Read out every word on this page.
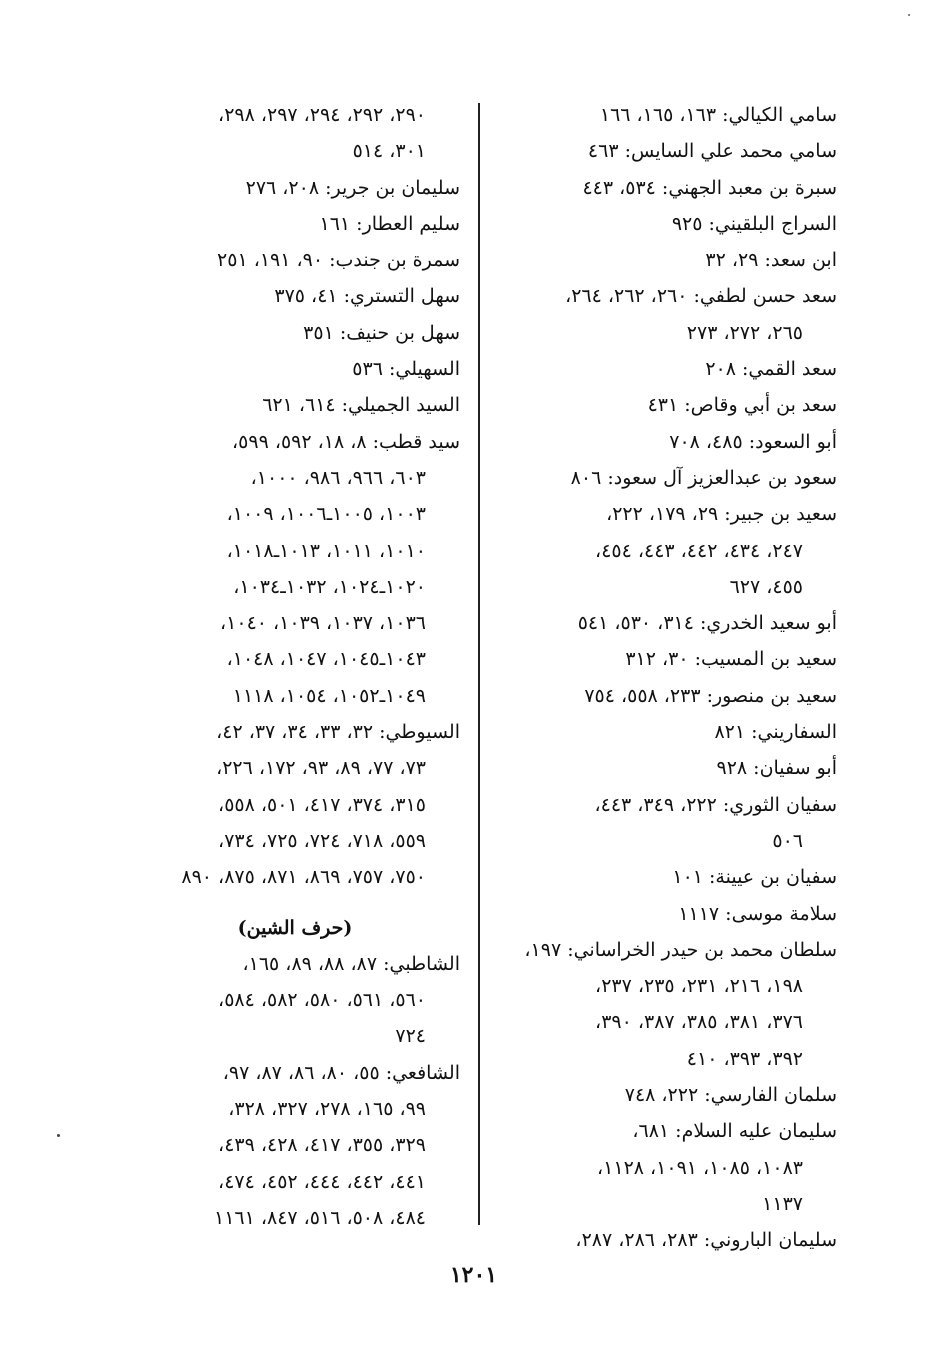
سامي الكيالي: ١٦٣، ١٦٥، ١٦٦
سامي محمد علي السايس: ٤٦٣
سبرة بن معبد الجهني: ٥٣٤، ٤٤٣
السراج البلقيني: ٩٢٥
ابن سعد: ٢٩، ٣٢
سعد حسن لطفي: ٢٦٠، ٢٦٢، ٢٦٤،
٢٦٥، ٢٧٢، ٢٧٣
سعد القمي: ٢٠٨
سعد بن أبي وقاص: ٤٣١
أبو السعود: ٤٨٥، ٧٠٨
سعود بن عبدالعزيز آل سعود: ٨٠٦
سعيد بن جبير: ٢٩، ١٧٩، ٢٢٢،
٢٤٧، ٤٣٤، ٤٤٢، ٤٤٣، ٤٥٤،
٤٥٥، ٦٢٧
أبو سعيد الخدري: ٣١٤، ٥٣٠، ٥٤١
سعيد بن المسيب: ٣٠، ٣١٢
سعيد بن منصور: ٢٣٣، ٥٥٨، ٧٥٤
السفاريني: ٨٢١
أبو سفيان: ٩٢٨
سفيان الثوري: ٢٢٢، ٣٤٩، ٤٤٣،
٥٠٦
سفيان بن عيينة: ١٠١
سلامة موسى: ١١١٧
سلطان محمد بن حيدر الخراساني: ١٩٧،
١٩٨، ٢١٦، ٢٣١، ٢٣٥، ٢٣٧،
٣٧٦، ٣٨١، ٣٨٥، ٣٨٧، ٣٩٠،
٣٩٢، ٣٩٣، ٤١٠
سلمان الفارسي: ٢٢٢، ٧٤٨
سليمان عليه السلام: ٦٨١،
١٠٨٣، ١٠٨٥، ١٠٩١، ١١٢٨،
١١٣٧
سليمان الباروني: ٢٨٣، ٢٨٦، ٢٨٧،
٢٩٠، ٢٩٢، ٢٩٤، ٢٩٧، ٢٩٨،
٣٠١، ٥١٤
سليمان بن جرير: ٢٠٨، ٢٧٦
سليم العطار: ١٦١
سمرة بن جندب: ٩٠، ١٩١، ٢٥١
سهل التستري: ٤١، ٣٧٥
سهل بن حنيف: ٣٥١
السهيلي: ٥٣٦
السيد الجميلي: ٦١٤، ٦٢١
سيد قطب: ٨، ١٨، ٥٩٢، ٥٩٩،
٦٠٣، ٩٦٦، ٩٨٦، ١٠٠٠،
١٠٠٣، ١٠٠٥ـ١٠٠٦، ١٠٠٩،
١٠١٠، ١٠١١، ١٠١٣ـ١٠١٨،
١٠٢٠ـ١٠٢٤، ١٠٣٢ـ١٠٣٤،
١٠٣٦، ١٠٣٧، ١٠٣٩، ١٠٤٠،
١٠٤٣ـ١٠٤٥، ١٠٤٧، ١٠٤٨،
١٠٤٩ـ١٠٥٢، ١٠٥٤، ١١١٨
السيوطي: ٣٢، ٣٣، ٣٤، ٣٧، ٤٢،
٧٣، ٧٧، ٨٩، ٩٣، ١٧٢، ٢٢٦،
٣١٥، ٣٧٤، ٤١٧، ٥٠١، ٥٥٨،
٥٥٩، ٧١٨، ٧٢٤، ٧٢٥، ٧٣٤،
٧٥٠، ٧٥٧، ٨٦٩، ٨٧١، ٨٧٥، ٨٩٠
(حرف الشين)
الشاطبي: ٨٧، ٨٨، ٨٩، ١٦٥،
٥٦٠، ٥٦١، ٥٨٠، ٥٨٢، ٥٨٤،
٧٢٤
الشافعي: ٥٥، ٨٠، ٨٦، ٨٧، ٩٧،
٩٩، ١٦٥، ٢٧٨، ٣٢٧، ٣٢٨،
٣٢٩، ٣٥٥، ٤١٧، ٤٢٨، ٤٣٩،
٤٤١، ٤٤٢، ٤٤٤، ٤٥٢، ٤٧٤،
٤٨٤، ٥٠٨، ٥١٦، ٨٤٧، ١١٦١
١٢٠١
